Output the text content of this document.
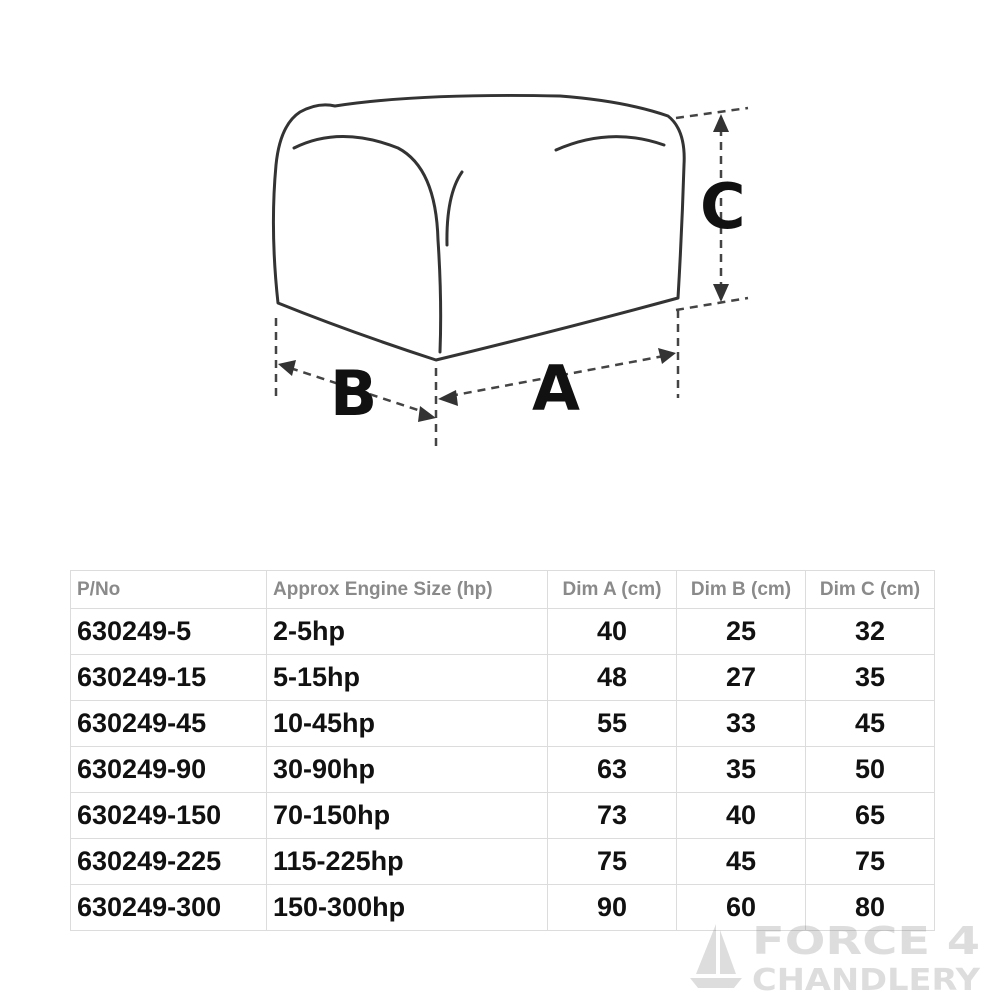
C
B A
P/No	Approx Engine Size (hp)	Dim A (cm)	Dim B (cm)	Dim C (cm)
630249-5	2-5hp	40	25	32
630249-15	5-15hp	48	27	35
630249-45	10-45hp	55	33	45
630249-90	30-90hp	63	35	50
630249-150	70-150hp	73	40	65
630249-225	115-225hp	75	45	75
630249-300	150-300hp	90	60	80
FORCE 4
CHANDLERY
